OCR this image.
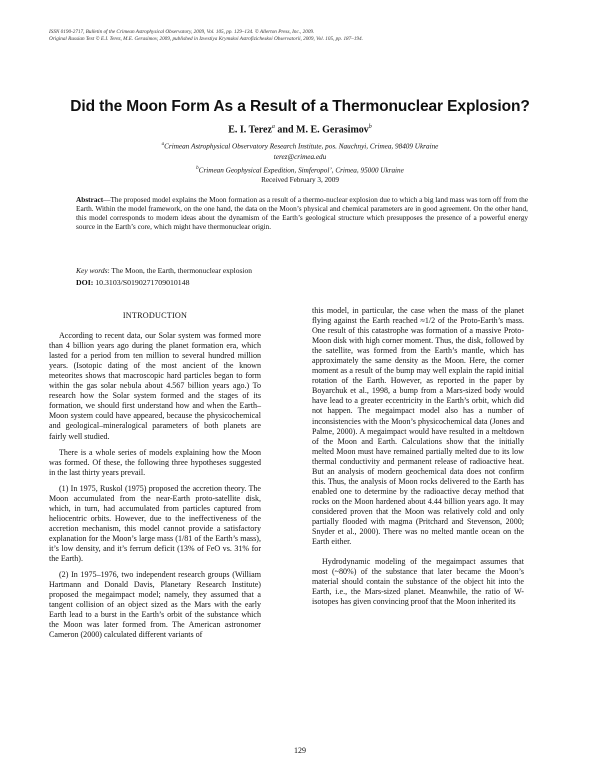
ISSN 0190-2717, Bulletin of the Crimean Astrophysical Observatory, 2009, Vol. 105, pp. 129–134. © Allerton Press, Inc., 2009.
Original Russian Text © E.I. Terez, M.E. Gerasimov, 2009, published in Izvestiya Krymskoi Astrofizicheskoi Observatorii, 2009, Vol. 105, pp. 187–194.
Did the Moon Form As a Result of a Thermonuclear Explosion?
E. I. Terez$^a$ and M. E. Gerasimov$^b$
$^a$Crimean Astrophysical Observatory Research Institute, pos. Nauchnyi, Crimea, 98409 Ukraine
terez@crimea.edu
$^b$Crimean Geophysical Expedition, Simferopol’, Crimea, 95000 Ukraine
Received February 3, 2009
Abstract—The proposed model explains the Moon formation as a result of a thermo-nuclear explosion due to which a big land mass was torn off from the Earth. Within the model framework, on the one hand, the data on the Moon’s physical and chemical parameters are in good agreement. On the other hand, this model corresponds to modern ideas about the dynamism of the Earth’s geological structure which presupposes the presence of a powerful energy source in the Earth’s core, which might have thermonuclear origin.
Key words: The Moon, the Earth, thermonuclear explosion
DOI: 10.3103/S0190271709010148
INTRODUCTION

According to recent data, our Solar system was formed more than 4 billion years ago during the planet formation era, which lasted for a period from ten million to several hundred million years. (Isotopic dating of the most ancient of the known meteorites shows that macroscopic hard particles began to form within the gas solar nebula about 4.567 billion years ago.) To research how the Solar system formed and the stages of its formation, we should first understand how and when the Earth–Moon system could have appeared, because the physicochemical and geological–mineralogical parameters of both planets are fairly well studied.

There is a whole series of models explaining how the Moon was formed. Of these, the following three hypotheses suggested in the last thirty years prevail.

(1) In 1975, Ruskol (1975) proposed the accretion theory. The Moon accumulated from the near-Earth proto-satellite disk, which, in turn, had accumulated from particles captured from heliocentric orbits. However, due to the ineffectiveness of the accretion mechanism, this model cannot provide a satisfactory explanation for the Moon’s large mass (1/81 of the Earth’s mass), it’s low density, and it’s ferrum deficit (13% of FeO vs. 31% for the Earth).

(2) In 1975–1976, two independent research groups (William Hartmann and Donald Davis, Planetary Research Institute) proposed the megaimpact model; namely, they assumed that a tangent collision of an object sized as the Mars with the early Earth lead to a burst in the Earth’s orbit of the substance which the Moon was later formed from. The American astronomer Cameron (2000) calculated different variants of

this model, in particular, the case when the mass of the planet flying against the Earth reached ≈1/2 of the Proto-Earth’s mass. One result of this catastrophe was formation of a massive Proto-Moon disk with high corner moment. Thus, the disk, followed by the satellite, was formed from the Earth’s mantle, which has approximately the same density as the Moon. Here, the corner moment as a result of the bump may well explain the rapid initial rotation of the Earth. However, as reported in the paper by Boyarchuk et al., 1998, a bump from a Mars-sized body would have lead to a greater eccentricity in the Earth’s orbit, which did not happen. The megaimpact model also has a number of inconsistencies with the Moon’s physicochemical data (Jones and Palme, 2000). A megaimpact would have resulted in a meltdown of the Moon and Earth. Calculations show that the initially melted Moon must have remained partially melted due to its low thermal conductivity and permanent release of radioactive heat. But an analysis of modern geochemical data does not confirm this. Thus, the analysis of Moon rocks delivered to the Earth has enabled one to determine by the radioactive decay method that rocks on the Moon hardened about 4.44 billion years ago. It may considered proven that the Moon was relatively cold and only partially flooded with magma (Pritchard and Stevenson, 2000; Snyder et al., 2000). There was no melted mantle ocean on the Earth either.

Hydrodynamic modeling of the megaimpact assumes that most (~80%) of the substance that later became the Moon’s material should contain the substance of the object hit into the Earth, i.e., the Mars-sized planet. Meanwhile, the ratio of W-isotopes has given convincing proof that the Moon inherited its

129
